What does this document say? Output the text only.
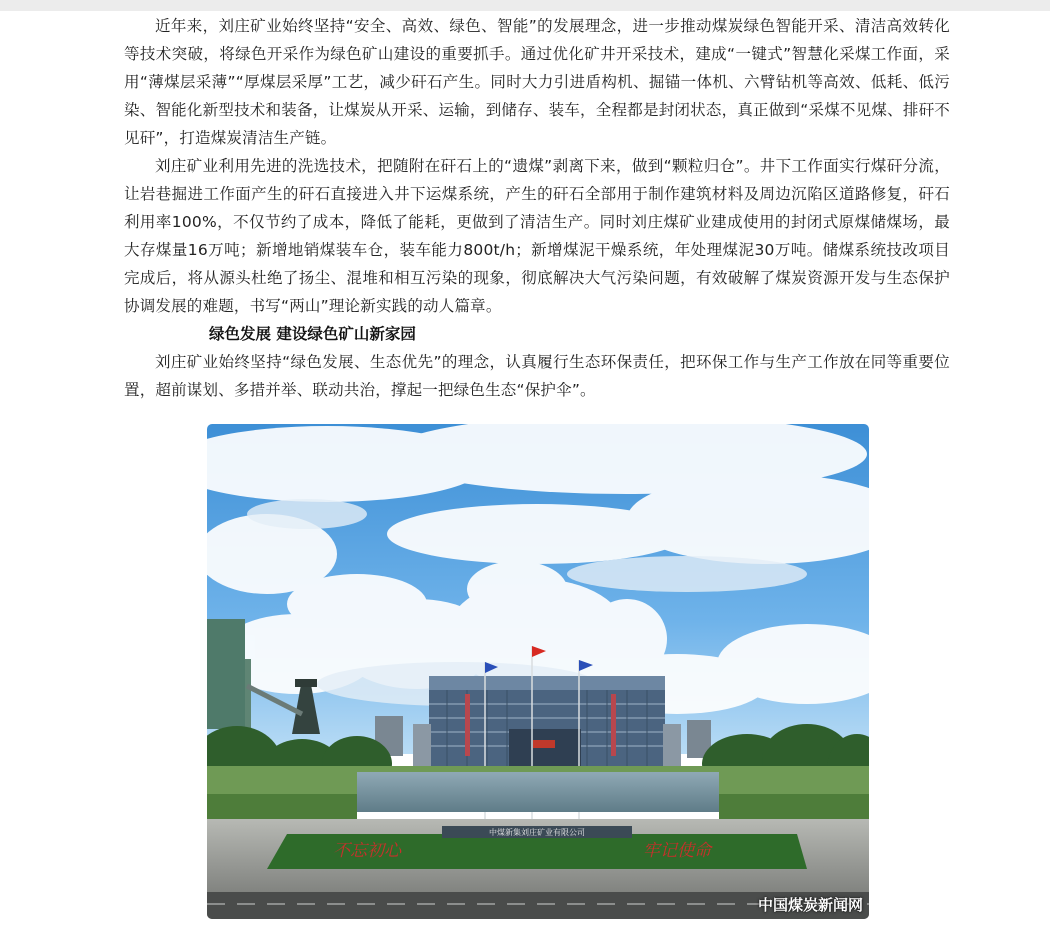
近年来，刘庄矿业始终坚持“安全、高效、绿色、智能”的发展理念，进一步推动煤炭绿色智能开采、清洁高效转化等技术突破，将绿色开采作为绿色矿山建设的重要抓手。通过优化矿井开采技术，建成“一键式”智慧化采煤工作面，采用“薄煤层采薄”“厚煤层采厚”工艺，减少矸石产生。同时大力引进盾构机、掘锚一体机、六臂钻机等高效、低耗、低污染、智能化新型技术和装备，让煤炭从开采、运输，到储存、装车，全程都是封闭状态，真正做到“采煤不见煤、排矸不见矸”，打造煤炭清洁生产链。

刘庄矿业利用先进的洗选技术，把随附在矸石上的“遗煤”剥离下来，做到“颗粒归仓”。井下工作面实行煤矸分流，让岩巷掘进工作面产生的矸石直接进入井下运煤系统，产生的矸石全部用于制作建筑材料及周边沉陷区道路修复，矸石利用率100%，不仅节约了成本，降低了能耗，更做到了清洁生产。同时刘庄煤矿业建成使用的封闭式原煤储煤场，最大存煤量16万吨；新增地销煤装车仓，装车能力800t/h；新增煤泥干燥系统，年处理煤泥30万吨。储煤系统技改项目完成后，将从源头杜绝了扬尘、混堆和相互污染的现象，彻底解决大气污染问题，有效破解了煤炭资源开发与生态保护协调发展的难题，书写“两山”理论新实践的动人篇章。

绿色发展 建设绿色矿山新家园

刘庄矿业始终坚持“绿色发展、生态优先”的理念，认真履行生态环保责任，把环保工作与生产工作放在同等重要位置，超前谋划、多措并举、联动共治，撑起一把绿色生态“保护伞”。

中煤新集刘庄矿业有限公司
不忘初心	牢记使命
中国煤炭新闻网
